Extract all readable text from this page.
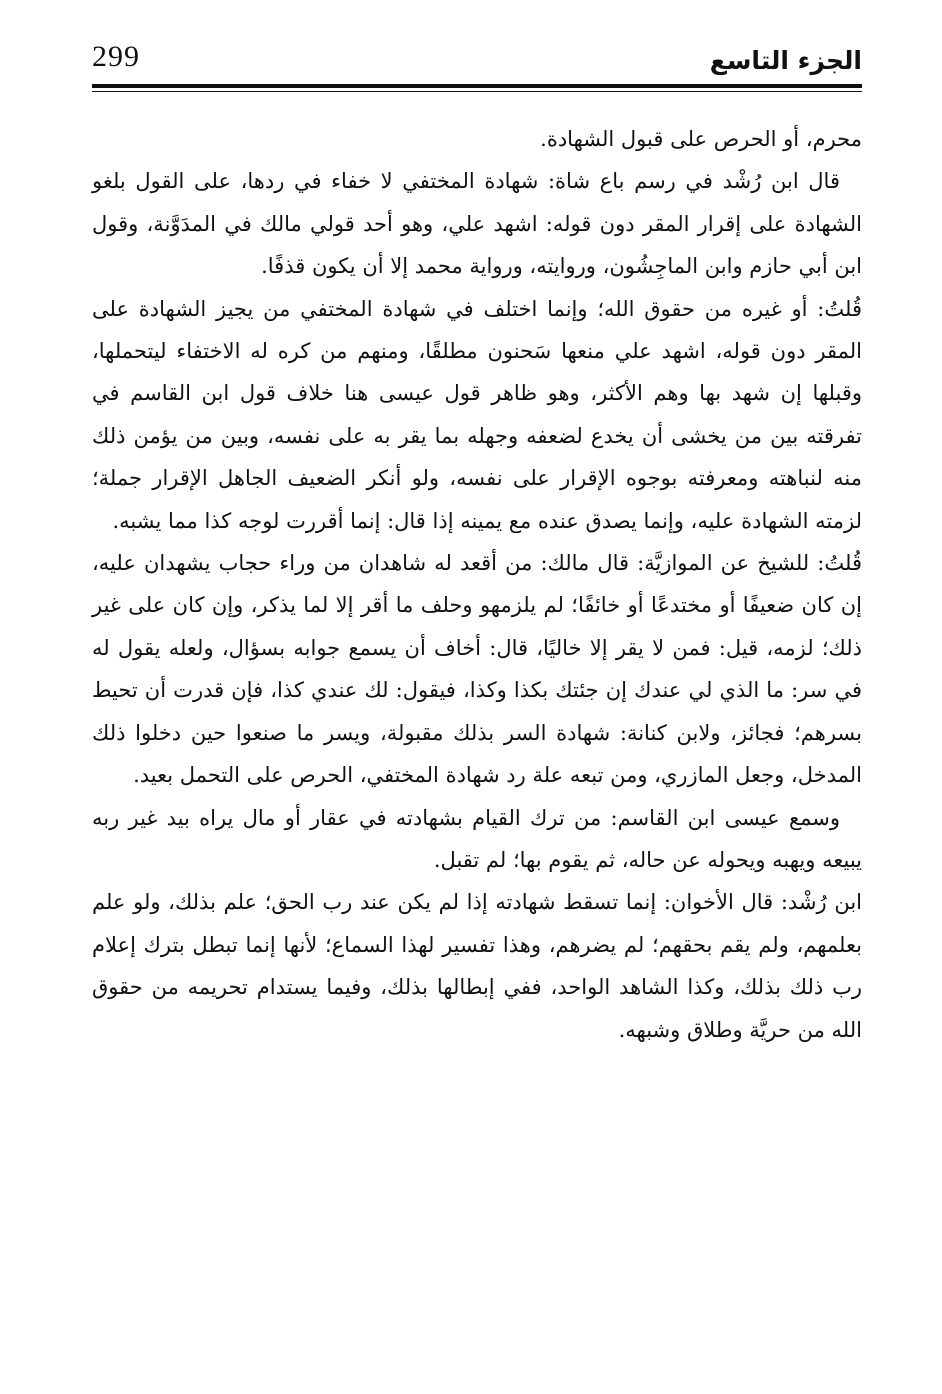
299	الجزء التاسع

محرم، أو الحرص على قبول الشهادة.

قال ابن رُشْد في رسم باع شاة: شهادة المختفي لا خفاء في ردها، على القول بلغو الشهادة على إقرار المقر دون قوله: اشهد علي، وهو أحد قولي مالك في المدَوَّنة، وقول ابن أبي حازم وابن الماجِشُون، وروايته، ورواية محمد إلا أن يكون قذفًا.

قُلتُ: أو غيره من حقوق الله؛ وإنما اختلف في شهادة المختفي من يجيز الشهادة على المقر دون قوله، اشهد علي منعها سَحنون مطلقًا، ومنهم من كره له الاختفاء ليتحملها، وقبلها إن شهد بها وهم الأكثر، وهو ظاهر قول عيسى هنا خلاف قول ابن القاسم في تفرقته بين من يخشى أن يخدع لضعفه وجهله بما يقر به على نفسه، وبين من يؤمن ذلك منه لنباهته ومعرفته بوجوه الإقرار على نفسه، ولو أنكر الضعيف الجاهل الإقرار جملة؛ لزمته الشهادة عليه، وإنما يصدق عنده مع يمينه إذا قال: إنما أقررت لوجه كذا مما يشبه.

قُلتُ: للشيخ عن الموازيَّة: قال مالك: من أقعد له شاهدان من وراء حجاب يشهدان عليه، إن كان ضعيفًا أو مختدعًا أو خائفًا؛ لم يلزمهو وحلف ما أقر إلا لما يذكر، وإن كان على غير ذلك؛ لزمه، قيل: فمن لا يقر إلا خاليًا، قال: أخاف أن يسمع جوابه بسؤال، ولعله يقول له في سر: ما الذي لي عندك إن جئتك بكذا وكذا، فيقول: لك عندي كذا، فإن قدرت أن تحيط بسرهم؛ فجائز، ولابن كنانة: شهادة السر بذلك مقبولة، ويسر ما صنعوا حين دخلوا ذلك المدخل، وجعل المازري، ومن تبعه علة رد شهادة المختفي، الحرص على التحمل بعيد.

وسمع عيسى ابن القاسم: من ترك القيام بشهادته في عقار أو مال يراه بيد غير ربه يبيعه ويهبه ويحوله عن حاله، ثم يقوم بها؛ لم تقبل.

ابن رُشْد: قال الأخوان: إنما تسقط شهادته إذا لم يكن عند رب الحق؛ علم بذلك، ولو علم بعلمهم، ولم يقم بحقهم؛ لم يضرهم، وهذا تفسير لهذا السماع؛ لأنها إنما تبطل بترك إعلام رب ذلك بذلك، وكذا الشاهد الواحد، ففي إبطالها بذلك، وفيما يستدام تحريمه من حقوق الله من حريَّة وطلاق وشبهه.
